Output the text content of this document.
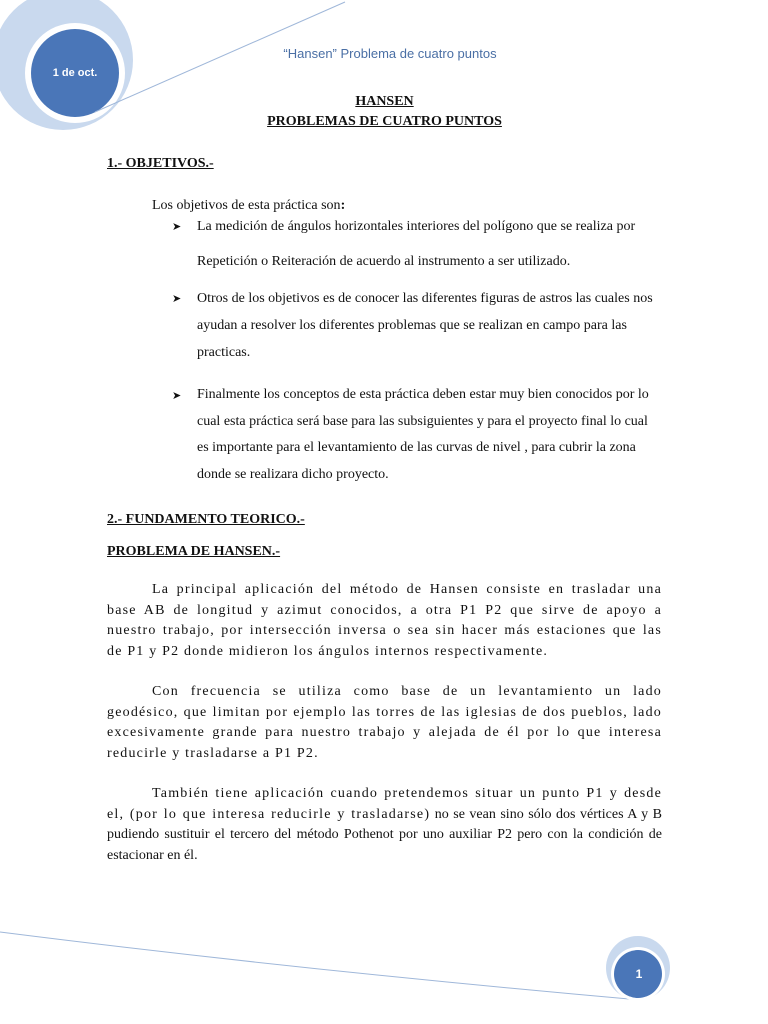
1 de oct.
“Hansen” Problema de cuatro puntos

HANSEN

PROBLEMAS DE CUATRO PUNTOS

1.- OBJETIVOS.-

Los objetivos de esta práctica son:

➤ La medición de ángulos horizontales interiores del polígono que se realiza por Repetición o Reiteración de acuerdo al instrumento a ser utilizado.
➤ Otros de los objetivos es de conocer las diferentes figuras de astros las cuales nos ayudan a resolver los diferentes problemas que se realizan en campo para las practicas.
➤ Finalmente los conceptos de esta práctica deben estar muy bien conocidos por lo cual esta práctica será base para las subsiguientes y para el proyecto final lo cual es importante para el levantamiento de las curvas de nivel , para cubrir la zona donde se realizara dicho proyecto.

2.- FUNDAMENTO TEORICO.-

PROBLEMA DE HANSEN.-

La principal aplicación del método de Hansen consiste en trasladar una base AB de longitud y azimut conocidos, a otra P1 P2 que sirve de apoyo a nuestro trabajo, por intersección inversa o sea sin hacer más estaciones que las de P1 y P2 donde midieron los ángulos internos respectivamente.

Con frecuencia se utiliza como base de un levantamiento un lado geodésico, que limitan por ejemplo las torres de las iglesias de dos pueblos, lado excesivamente grande para nuestro trabajo y alejada de él por lo que interesa reducirle y trasladarse a P1 P2.

También tiene aplicación cuando pretendemos situar un punto P1 y desde el, (por lo que interesa reducirle y trasladarse) no se vean sino sólo dos vértices A y B pudiendo sustituir el tercero del método Pothenot por uno auxiliar P2 pero con la condición de estacionar en él.

1
